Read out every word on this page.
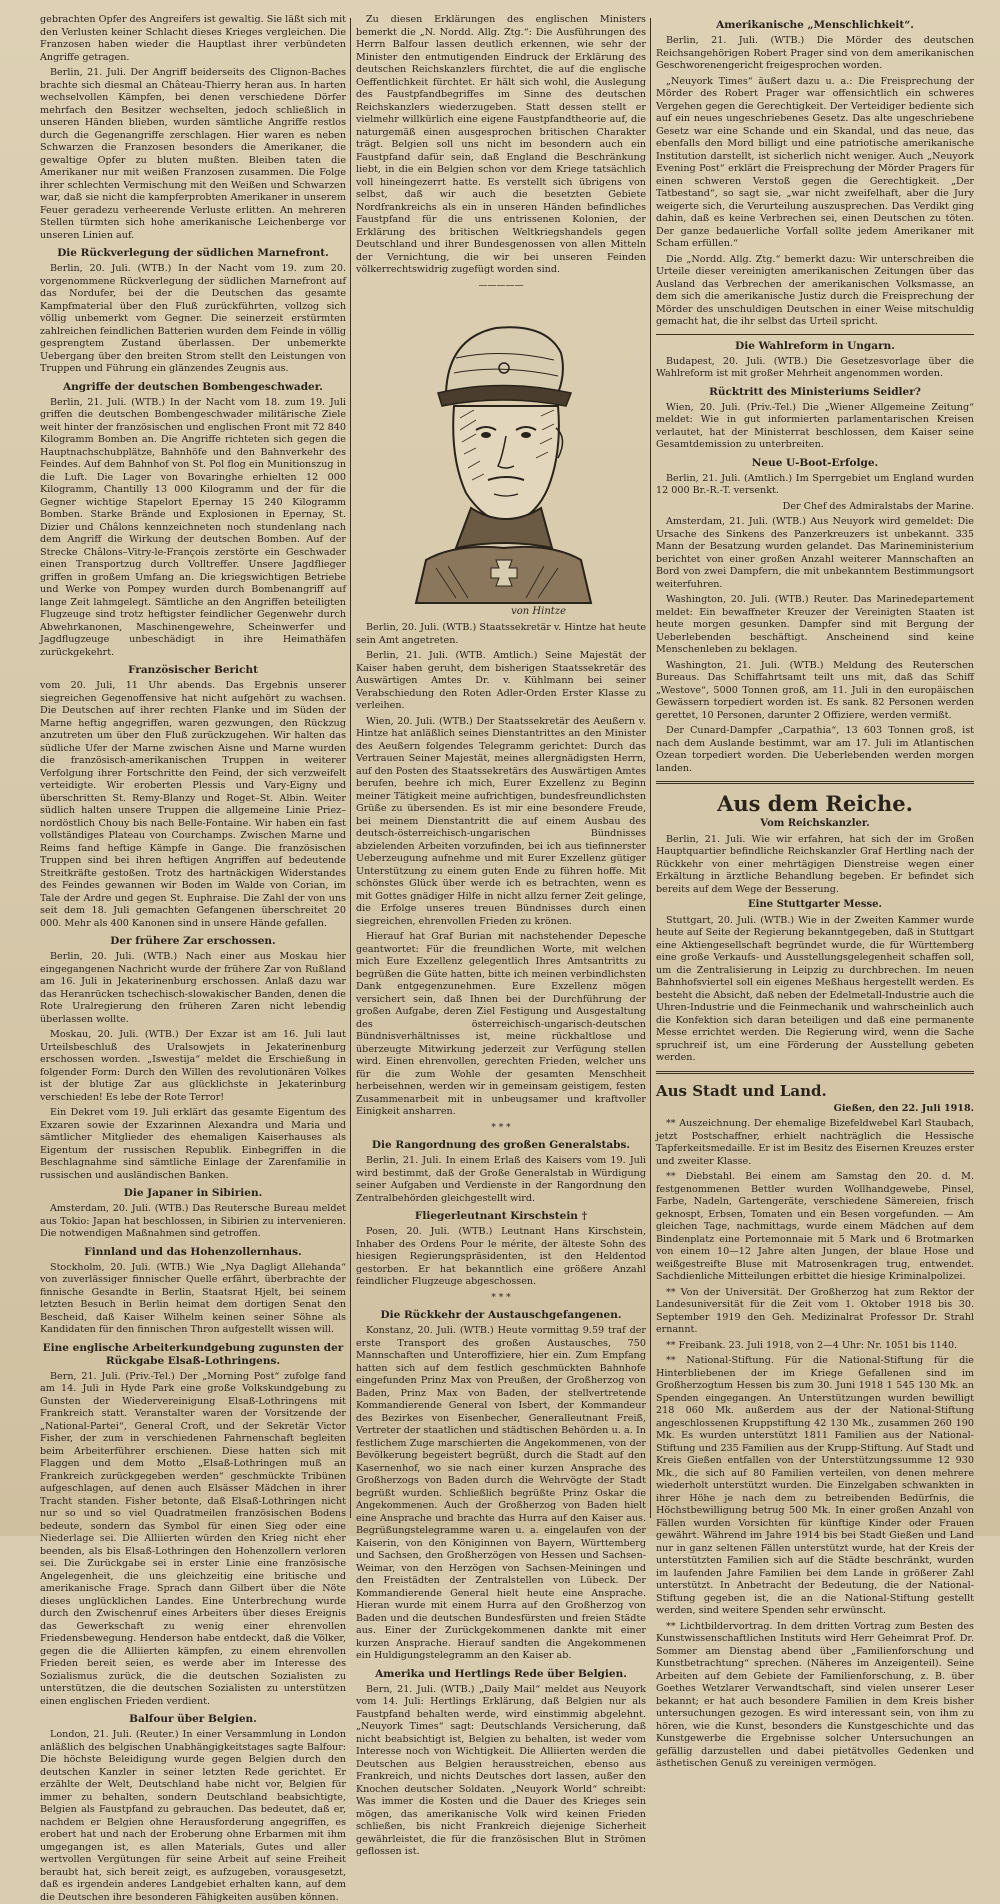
gebrachten Opfer des Angreifers ist gewaltig. Sie läßt sich mit den Verlusten keiner Schlacht dieses Krieges vergleichen. Die Franzosen haben wieder die Hauptlast ihrer verbündeten Angriffe getragen.

Berlin, 21. Juli. Der Angriff beiderseits des Clignon-Baches brachte sich diesmal an Château-Thierry heran aus. In harten wechselvollen Kämpfen, bei denen verschiedene Dörfer mehrfach den Besitzer wechselten, jedoch schließlich in unseren Händen blieben, wurden sämtliche Angriffe restlos durch die Gegenangriffe zerschlagen. Hier waren es neben Schwarzen die Franzosen besonders die Amerikaner, die gewaltige Opfer zu bluten mußten. Bleiben taten die Amerikaner nur mit weißen Franzosen zusammen. Die Folge ihrer schlechten Vermischung mit den Weißen und Schwarzen war, daß sie nicht die kampferprobten Amerikaner in unserem Feuer geradezu verheerende Verluste erlitten. An mehreren Stellen türmten sich hohe amerikanische Leichenberge vor unseren Linien auf.

Die Rückverlegung der südlichen Marnefront.

Berlin, 20. Juli. (WTB.) In der Nacht vom 19. zum 20. vorgenommene Rückverlegung der südlichen Marnefront auf das Nordufer, bei der die Deutschen das gesamte Kampfmaterial über den Fluß zurückführten, vollzog sich völlig unbemerkt vom Gegner. Die seinerzeit erstürmten zahlreichen feindlichen Batterien wurden dem Feinde in völlig gesprengtem Zustand überlassen. Der unbemerkte Uebergang über den breiten Strom stellt den Leistungen von Truppen und Führung ein glänzendes Zeugnis aus.

Angriffe der deutschen Bombengeschwader.

Berlin, 21. Juli. (WTB.) In der Nacht vom 18. zum 19. Juli griffen die deutschen Bombengeschwader militärische Ziele weit hinter der französischen und englischen Front mit 72 840 Kilogramm Bomben an. Die Angriffe richteten sich gegen die Hauptnachschubplätze, Bahnhöfe und den Bahnverkehr des Feindes. Auf dem Bahnhof von St. Pol flog ein Munitionszug in die Luft. Die Lager von Bovaringhe erhielten 12 000 Kilogramm, Chantilly 13 000 Kilogramm und der für die Gegner wichtige Stapelort Epernay 15 240 Kilogramm Bomben. Starke Brände und Explosionen in Epernay, St. Dizier und Châlons kennzeichneten noch stundenlang nach dem Angriff die Wirkung der deutschen Bomben. Auf der Strecke Châlons–Vitry-le-François zerstörte ein Geschwader einen Transportzug durch Volltreffer. Unsere Jagdflieger griffen in großem Umfang an. Die kriegswichtigen Betriebe und Werke von Pompey wurden durch Bombenangriff auf lange Zeit lahmgelegt. Sämtliche an den Angriffen beteiligten Flugzeuge sind trotz heftigster feindlicher Gegenwehr durch Abwehrkanonen, Maschinengewehre, Scheinwerfer und Jagdflugzeuge unbeschädigt in ihre Heimathäfen zurückgekehrt.

Französischer Bericht

vom 20. Juli, 11 Uhr abends. Das Ergebnis unserer siegreichen Gegenoffensive hat nicht aufgehört zu wachsen. Die Deutschen auf ihrer rechten Flanke und im Süden der Marne heftig angegriffen, waren gezwungen, den Rückzug anzutreten um über den Fluß zurückzugehen. Wir halten das südliche Ufer der Marne zwischen Aisne und Marne wurden die französisch-amerikanischen Truppen in weiterer Verfolgung ihrer Fortschritte den Feind, der sich verzweifelt verteidigte. Wir eroberten Plessis und Vary-Eigny und überschritten St. Remy-Blanzy und Roget–St. Albin. Weiter südlich halten unsere Truppen die allgemeine Linie Priez–nordöstlich Chouy bis nach Belle-Fontaine. Wir haben ein fast vollständiges Plateau von Courchamps. Zwischen Marne und Reims fand heftige Kämpfe in Gange. Die französischen Truppen sind bei ihren heftigen Angriffen auf bedeutende Streitkräfte gestoßen. Trotz des hartnäckigen Widerstandes des Feindes gewannen wir Boden im Walde von Corian, im Tale der Ardre und gegen St. Euphraise. Die Zahl der von uns seit dem 18. Juli gemachten Gefangenen überschreitet 20 000. Mehr als 400 Kanonen sind in unsere Hände gefallen.

Der frühere Zar erschossen.

Berlin, 20. Juli. (WTB.) Nach einer aus Moskau hier eingegangenen Nachricht wurde der frühere Zar von Rußland am 16. Juli in Jekaterinenburg erschossen. Anlaß dazu war das Heranrücken tschechisch-slowakischer Banden, denen die Rote Uralregierung den früheren Zaren nicht lebendig überlassen wollte.

Moskau, 20. Juli. (WTB.) Der Exzar ist am 16. Juli laut Urteilsbeschluß des Uralsowjets in Jekaterinenburg erschossen worden. „Iswestija“ meldet die Erschießung in folgender Form: Durch den Willen des revolutionären Volkes ist der blutige Zar aus glücklichste in Jekaterinburg verschieden! Es lebe der Rote Terror!

Ein Dekret vom 19. Juli erklärt das gesamte Eigentum des Exzaren sowie der Exzarinnen Alexandra und Maria und sämtlicher Mitglieder des ehemaligen Kaiserhauses als Eigentum der russischen Republik. Einbegriffen in die Beschlagnahme sind sämtliche Einlage der Zarenfamilie in russischen und ausländischen Banken.

Die Japaner in Sibirien.

Amsterdam, 20. Juli. (WTB.) Das Reutersche Bureau meldet aus Tokio: Japan hat beschlossen, in Sibirien zu intervenieren. Die notwendigen Maßnahmen sind getroffen.

Finnland und das Hohenzollernhaus.

Stockholm, 20. Juli. (WTB.) Wie „Nya Dagligt Allehanda“ von zuverlässiger finnischer Quelle erfährt, überbrachte der finnische Gesandte in Berlin, Staatsrat Hjelt, bei seinem letzten Besuch in Berlin heimat dem dortigen Senat den Bescheid, daß Kaiser Wilhelm keinen seiner Söhne als Kandidaten für den finnischen Thron aufgestellt wissen will.

Eine englische Arbeiterkundgebung zugunsten der Rückgabe Elsaß-Lothringens.

Bern, 21. Juli. (Priv.-Tel.) Der „Morning Post“ zufolge fand am 14. Juli in Hyde Park eine große Volkskundgebung zu Gunsten der Wiedervereinigung Elsaß-Lothringens mit Frankreich statt. Veranstalter waren der Vorsitzende der „National-Partei“, General Croft, und der Sekretär Victor Fisher, der zum in verschiedenen Fahrnenschaft begleiten beim Arbeiterführer erschienen. Diese hatten sich mit Flaggen und dem Motto „Elsaß-Lothringen muß an Frankreich zurückgegeben werden“ geschmückte Tribünen aufgeschlagen, auf denen auch Elsässer Mädchen in ihrer Tracht standen. Fisher betonte, daß Elsaß-Lothringen nicht nur so und so viel Quadratmeilen französischen Bodens bedeute, sondern das Symbol für einen Sieg oder eine Niederlage sei. Die Alliierten würden den Krieg nicht eher beenden, als bis Elsaß-Lothringen den Hohenzollern verloren sei. Die Zurückgabe sei in erster Linie eine französische Angelegenheit, die uns gleichzeitig eine britische und amerikanische Frage. Sprach dann Gilbert über die Nöte dieses unglücklichen Landes. Eine Unterbrechung wurde durch den Zwischenruf eines Arbeiters über dieses Ereignis das Gewerkschaft zu wenig einer ehrenvollen Friedensbewegung. Henderson habe entdeckt, daß die Völker, gegen die die Alliierten kämpfen, zu einem ehrenvollen Frieden bereit seien, es werde aber im Interesse des Sozialismus zurück, die die deutschen Sozialisten zu unterstützen, die die deutschen Sozialisten zu unterstützen einen englischen Frieden verdient.

Balfour über Belgien.

London, 21. Juli. (Reuter.) In einer Versammlung in London anläßlich des belgischen Unabhängigkeitstages sagte Balfour: Die höchste Beleidigung wurde gegen Belgien durch den deutschen Kanzler in seiner letzten Rede gerichtet. Er erzählte der Welt, Deutschland habe nicht vor, Belgien für immer zu behalten, sondern Deutschland beabsichtigte, Belgien als Faustpfand zu gebrauchen. Das bedeutet, daß er, nachdem er Belgien ohne Herausforderung angegriffen, es erobert hat und nach der Eroberung ohne Erbarmen mit ihm umgegangen ist, es allen Materials, Gutes und aller wertvollen Vergütungen für seine Arbeit auf seine Freiheit beraubt hat, sich bereit zeigt, es aufzugeben, vorausgesetzt, daß es irgendein anderes Landgebiet erhalten kann, auf dem die Deutschen ihre besonderen Fähigkeiten ausüben können.

Zu diesen Erklärungen des englischen Ministers bemerkt die „N. Nordd. Allg. Ztg.“: Die Ausführungen des Herrn Balfour lassen deutlich erkennen, wie sehr der Minister den entmutigenden Eindruck der Erklärung des deutschen Reichskanzlers fürchtet, die auf die englische Oeffentlichkeit fürchtet. Er hält sich wohl, die Auslegung des Faustpfandbegriffes im Sinne des deutschen Reichskanzlers wiederzugeben. Statt dessen stellt er vielmehr willkürlich eine eigene Faustpfandtheorie auf, die naturgemäß einen ausgesprochen britischen Charakter trägt. Belgien soll uns nicht im besondern auch ein Faustpfand dafür sein, daß England die Beschränkung liebt, in die ein Belgien schon vor dem Kriege tatsächlich voll hineingezerrt hatte. Es verstellt sich übrigens von selbst, daß wir auch die besetzten Gebiete Nordfrankreichs als ein in unseren Händen befindliches Faustpfand für die uns entrissenen Kolonien, der Erklärung des britischen Weltkriegshandels gegen Deutschland und ihrer Bundesgenossen von allen Mitteln der Vernichtung, die wir bei unseren Feinden völkerrechtswidrig zugefügt worden sind.

—————
von Hintze

Berlin, 20. Juli. (WTB.) Staatssekretär v. Hintze hat heute sein Amt angetreten.

Berlin, 21. Juli. (WTB. Amtlich.) Seine Majestät der Kaiser haben geruht, dem bisherigen Staatssekretär des Auswärtigen Amtes Dr. v. Kühlmann bei seiner Verabschiedung den Roten Adler-Orden Erster Klasse zu verleihen.

Wien, 20. Juli. (WTB.) Der Staatssekretär des Aeußern v. Hintze hat anläßlich seines Dienstantrittes an den Minister des Aeußern folgendes Telegramm gerichtet: Durch das Vertrauen Seiner Majestät, meines allergnädigsten Herrn, auf den Posten des Staatssekretärs des Auswärtigen Amtes berufen, beehre ich mich, Eurer Exzellenz zu Beginn meiner Tätigkeit meine aufrichtigen, bundesfreundlichsten Grüße zu übersenden. Es ist mir eine besondere Freude, bei meinem Dienstantritt die auf einem Ausbau des deutsch-österreichisch-ungarischen Bündnisses abzielenden Arbeiten vorzufinden, bei ich aus tiefinnerster Ueberzeugung aufnehme und mit Eurer Exzellenz gütiger Unterstützung zu einem guten Ende zu führen hoffe. Mit schönstes Glück über werde ich es betrachten, wenn es mit Gottes gnädiger Hilfe in nicht allzu ferner Zeit gelinge, die Erfolge unseres treuen Bündnisses durch einen siegreichen, ehrenvollen Frieden zu krönen.

Hierauf hat Graf Burian mit nachstehender Depesche geantwortet: Für die freundlichen Worte, mit welchen mich Eure Exzellenz gelegentlich Ihres Amtsantritts zu begrüßen die Güte hatten, bitte ich meinen verbindlichsten Dank entgegenzunehmen. Eure Exzellenz mögen versichert sein, daß Ihnen bei der Durchführung der großen Aufgabe, deren Ziel Festigung und Ausgestaltung des österreichisch-ungarisch-deutschen Bündnisverhältnisses ist, meine rückhaltlose und überzeugte Mitwirkung jederzeit zur Verfügung stellen wird. Einen ehrenvollen, gerechten Frieden, welcher uns für die zum Wohle der gesamten Menschheit herbeisehnen, werden wir in gemeinsam geistigem, festen Zusammenarbeit mit in unbeugsamer und kraftvoller Einigkeit ansharren.

* * *
Die Rangordnung des großen Generalstabs.

Berlin, 21. Juli. In einem Erlaß des Kaisers vom 19. Juli wird bestimmt, daß der Große Generalstab in Würdigung seiner Aufgaben und Verdienste in der Rangordnung den Zentralbehörden gleichgestellt wird.

Fliegerleutnant Kirschstein †

Posen, 20. Juli. (WTB.) Leutnant Hans Kirschstein, Inhaber des Ordens Pour le mérite, der älteste Sohn des hiesigen Regierungspräsidenten, ist den Heldentod gestorben. Er hat bekanntlich eine größere Anzahl feindlicher Flugzeuge abgeschossen.

* * *
Die Rückkehr der Austauschgefangenen.

Konstanz, 20. Juli. (WTB.) Heute vormittag 9.59 traf der erste Transport des großen Austausches, 750 Mannschaften und Unteroffiziere, hier ein. Zum Empfang hatten sich auf dem festlich geschmückten Bahnhofe eingefunden Prinz Max von Preußen, der Großherzog von Baden, Prinz Max von Baden, der stellvertretende Kommandierende General von Isbert, der Kommandeur des Bezirkes von Eisenbecher, Generalleutnant Freiß, Vertreter der staatlichen und städtischen Behörden u. a. In festlichem Zuge marschierten die Angekommenen, von der Bevölkerung begeistert begrüßt, durch die Stadt auf den Kasernenhof, wo sie nach einer kurzen Ansprache des Großherzogs von Baden durch die Wehrvögte der Stadt begrüßt wurden. Schließlich begrüßte Prinz Oskar die Angekommenen. Auch der Großherzog von Baden hielt eine Ansprache und brachte das Hurra auf den Kaiser aus. Begrüßungstelegramme waren u. a. eingelaufen von der Kaiserin, von den Königinnen von Bayern, Württemberg und Sachsen, den Großherzögen von Hessen und Sachsen-Weimar, von den Herzögen von Sachsen-Meiningen und den Freistädten der Zentralstellen von Lübeck. Der Kommandierende General hielt heute eine Ansprache. Hieran wurde mit einem Hurra auf den Großherzog von Baden und die deutschen Bundesfürsten und freien Städte aus. Einer der Zurückgekommenen dankte mit einer kurzen Ansprache. Hierauf sandten die Angekommenen ein Huldigungstelegramm an den Kaiser ab.

Amerika und Hertlings Rede über Belgien.

Bern, 21. Juli. (WTB.) „Daily Mail“ meldet aus Neuyork vom 14. Juli: Hertlings Erklärung, daß Belgien nur als Faustpfand behalten werde, wird einstimmig abgelehnt. „Neuyork Times“ sagt: Deutschlands Versicherung, daß nicht beabsichtigt ist, Belgien zu behalten, ist weder vom Interesse noch von Wichtigkeit. Die Alliierten werden die Deutschen aus Belgien herausstreichen, ebenso aus Frankreich, und nichts Deutsches dort lassen, außer den Knochen deutscher Soldaten. „Neuyork World“ schreibt: Was immer die Kosten und die Dauer des Krieges sein mögen, das amerikanische Volk wird keinen Frieden schließen, bis nicht Frankreich diejenige Sicherheit gewährleistet, die für die französischen Blut in Strömen geflossen ist.

Amerikanische „Menschlichkeit“.

Berlin, 21. Juli. (WTB.) Die Mörder des deutschen Reichsangehörigen Robert Prager sind von dem amerikanischen Geschworenengericht freigesprochen worden.

„Neuyork Times“ äußert dazu u. a.: Die Freisprechung der Mörder des Robert Prager war offensichtlich ein schweres Vergehen gegen die Gerechtigkeit. Der Verteidiger bediente sich auf ein neues ungeschriebenes Gesetz. Das alte ungeschriebene Gesetz war eine Schande und ein Skandal, und das neue, das ebenfalls den Mord billigt und eine patriotische amerikanische Institution darstellt, ist sicherlich nicht weniger. Auch „Neuyork Evening Post“ erklärt die Freisprechung der Mörder Pragers für einen schweren Verstoß gegen die Gerechtigkeit. „Der Tatbestand“, so sagt sie, „war nicht zweifelhaft, aber die Jury weigerte sich, die Verurteilung auszusprechen. Das Verdikt ging dahin, daß es keine Verbrechen sei, einen Deutschen zu töten. Der ganze bedauerliche Vorfall sollte jedem Amerikaner mit Scham erfüllen.“

Die „Nordd. Allg. Ztg.“ bemerkt dazu: Wir unterschreiben die Urteile dieser vereinigten amerikanischen Zeitungen über das Ausland das Verbrechen der amerikanischen Volksmasse, an dem sich die amerikanische Justiz durch die Freisprechung der Mörder des unschuldigen Deutschen in einer Weise mitschuldig gemacht hat, die ihr selbst das Urteil spricht.

Die Wahlreform in Ungarn.

Budapest, 20. Juli. (WTB.) Die Gesetzesvorlage über die Wahlreform ist mit großer Mehrheit angenommen worden.

Rücktritt des Ministeriums Seidler?

Wien, 20. Juli. (Priv.-Tel.) Die „Wiener Allgemeine Zeitung“ meldet: Wie in gut informierten parlamentarischen Kreisen verlautet, hat der Ministerrat beschlossen, dem Kaiser seine Gesamtdemission zu unterbreiten.

Neue U-Boot-Erfolge.

Berlin, 21. Juli. (Amtlich.) Im Sperrgebiet um England wurden 12 000 Br.-R.-T. versenkt.

Der Chef des Admiralstabs der Marine.

Amsterdam, 21. Juli. (WTB.) Aus Neuyork wird gemeldet: Die Ursache des Sinkens des Panzerkreuzers ist unbekannt. 335 Mann der Besatzung wurden gelandet. Das Marineministerium berichtet von einer großen Anzahl weiterer Mannschaften an Bord von zwei Dampfern, die mit unbekanntem Bestimmungsort weiterfuhren.

Washington, 20. Juli. (WTB.) Reuter. Das Marinedepartement meldet: Ein bewaffneter Kreuzer der Vereinigten Staaten ist heute morgen gesunken. Dampfer sind mit Bergung der Ueberlebenden beschäftigt. Anscheinend sind keine Menschenleben zu beklagen.

Washington, 21. Juli. (WTB.) Meldung des Reuterschen Bureaus. Das Schiffahrtsamt teilt uns mit, daß das Schiff „Westove“, 5000 Tonnen groß, am 11. Juli in den europäischen Gewässern torpediert worden ist. Es sank. 82 Personen werden gerettet, 10 Personen, darunter 2 Offiziere, werden vermißt.

Der Cunard-Dampfer „Carpathia“, 13 603 Tonnen groß, ist nach dem Auslande bestimmt, war am 17. Juli im Atlantischen Ozean torpediert worden. Die Ueberlebenden werden morgen landen.

Aus dem Reiche.
Vom Reichskanzler.

Berlin, 21. Juli. Wie wir erfahren, hat sich der im Großen Hauptquartier befindliche Reichskanzler Graf Hertling nach der Rückkehr von einer mehrtägigen Dienstreise wegen einer Erkältung in ärztliche Behandlung begeben. Er befindet sich bereits auf dem Wege der Besserung.

Eine Stuttgarter Messe.

Stuttgart, 20. Juli. (WTB.) Wie in der Zweiten Kammer wurde heute auf Seite der Regierung bekanntgegeben, daß in Stuttgart eine Aktiengesellschaft begründet wurde, die für Württemberg eine große Verkaufs- und Ausstellungsgelegenheit schaffen soll, um die Zentralisierung in Leipzig zu durchbrechen. Im neuen Bahnhofsviertel soll ein eigenes Meßhaus hergestellt werden. Es besteht die Absicht, daß neben der Edelmetall-Industrie auch die Uhren-Industrie und die Feinmechanik und wahrscheinlich auch die Konfektion sich daran beteiligen und daß eine permanente Messe errichtet werden. Die Regierung wird, wenn die Sache spruchreif ist, um eine Förderung der Ausstellung gebeten werden.

Aus Stadt und Land.

Gießen, den 22. Juli 1918.

** Auszeichnung. Der ehemalige Bizefeldwebel Karl Staubach, jetzt Postschaffner, erhielt nachträglich die Hessische Tapferkeitsmedaille. Er ist im Besitz des Eisernen Kreuzes erster und zweiter Klasse.

** Diebstahl. Bei einem am Samstag den 20. d. M. festgenommenen Bettler wurden Wollhandgewebe, Pinsel, Farbe, Nadeln, Gartengeräte, verschiedene Sämereien, frisch geknospt, Erbsen, Tomaten und ein Besen vorgefunden. — Am gleichen Tage, nachmittags, wurde einem Mädchen auf dem Bindenplatz eine Portemonnaie mit 5 Mark und 6 Brotmarken von einem 10—12 Jahre alten Jungen, der blaue Hose und weißgestreifte Bluse mit Matrosenkragen trug, entwendet. Sachdienliche Mitteilungen erbittet die hiesige Kriminalpolizei.

** Von der Universität. Der Großherzog hat zum Rektor der Landesuniversität für die Zeit vom 1. Oktober 1918 bis 30. September 1919 den Geh. Medizinalrat Professor Dr. Strahl ernannt.

** Freibank. 23. Juli 1918, von 2—4 Uhr: Nr. 1051 bis 1140.

** National-Stiftung. Für die National-Stiftung für die Hinterbliebenen der im Kriege Gefallenen sind im Großherzogtum Hessen bis zum 30. Juni 1918 1 545 130 Mk. an Spenden eingegangen. An Unterstützungen wurden bewilligt 218 060 Mk. außerdem aus der der National-Stiftung angeschlossenen Kruppstiftung 42 130 Mk., zusammen 260 190 Mk. Es wurden unterstützt 1811 Familien aus der National-Stiftung und 235 Familien aus der Krupp-Stiftung. Auf Stadt und Kreis Gießen entfallen von der Unterstützungssumme 12 930 Mk., die sich auf 80 Familien verteilen, von denen mehrere wiederholt unterstützt wurden. Die Einzelgaben schwankten in ihrer Höhe je nach dem zu betreibenden Bedürfnis, die Höchstbewilligung betrug 500 Mk. In einer großen Anzahl von Fällen wurden Vorsichten für künftige Kinder oder Frauen gewährt. Während im Jahre 1914 bis bei Stadt Gießen und Land nur in ganz seltenen Fällen unterstützt wurde, hat der Kreis der unterstützten Familien sich auf die Städte beschränkt, wurden im laufenden Jahre Familien bei dem Lande in größerer Zahl unterstützt. In Anbetracht der Bedeutung, die der National-Stiftung gegeben ist, die an die National-Stiftung gestellt werden, sind weitere Spenden sehr erwünscht.

** Lichtbildervortrag. In dem dritten Vortrag zum Besten des Kunstwissenschaftlichen Instituts wird Herr Geheimrat Prof. Dr. Sommer am Dienstag abend über „Familienforschung und Kunstbetrachtung“ sprechen. (Näheres im Anzeigenteil). Seine Arbeiten auf dem Gebiete der Familienforschung, z. B. über Goethes Wetzlarer Verwandtschaft, sind vielen unserer Leser bekannt; er hat auch besondere Familien in dem Kreis bisher untersuchungen gezogen. Es wird interessant sein, von ihm zu hören, wie die Kunst, besonders die Kunstgeschichte und das Kunstgewerbe die Ergebnisse solcher Untersuchungen an gefällig darzustellen und dabei pietätvolles Gedenken und ästhetischen Genuß zu vereinigen vermögen.
